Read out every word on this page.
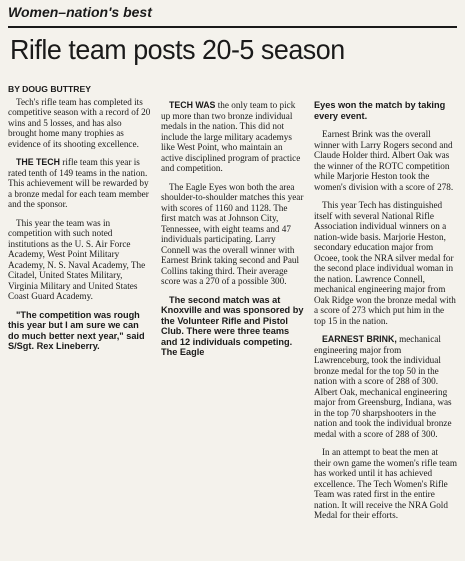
Women–nation's best
Rifle team posts 20-5 season
BY DOUG BUTTREY

Tech's rifle team has completed its competitive season with a record of 20 wins and 5 losses, and has also brought home many trophies as evidence of its shooting excellence.

THE TECH rifle team this year is rated tenth of 149 teams in the nation. This achievement will be rewarded by a bronze medal for each team member and the sponsor.

This year the team was in competition with such noted institutions as the U. S. Air Force Academy, West Point Military Academy, N. S. Naval Academy, The Citadel, United States Military, Virginia Military and United States Coast Guard Academy.

"The competition was rough this year but I am sure we can do much better next year," said S/Sgt. Rex Lineberry.

TECH WAS the only team to pick up more than two bronze individual medals in the nation. This did not include the large military academys like West Point, who maintain an active disciplined program of practice and competition.

The Eagle Eyes won both the area shoulder-to-shoulder matches this year with scores of 1160 and 1128. The first match was at Johnson City, Tennessee, with eight teams and 47 individuals participating. Larry Connell was the overall winner with Earnest Brink taking second and Paul Collins taking third. Their average score was a 270 of a possible 300.

The second match was at Knoxville and was sponsored by the Volunteer Rifle and Pistol Club. There were three teams and 12 individuals competing. The Eagle

Eyes won the match by taking every event.

Earnest Brink was the overall winner with Larry Rogers second and Claude Holder third. Albert Oak was the winner of the ROTC competition while Marjorie Heston took the women's division with a score of 278.

This year Tech has distinguished itself with several National Rifle Association individual winners on a nation-wide basis. Marjorie Heston, secondary education major from Ocoee, took the NRA silver medal for the second place individual woman in the nation. Lawrence Connell, mechanical engineering major from Oak Ridge won the bronze medal with a score of 273 which put him in the top 15 in the nation.

EARNEST BRINK, mechanical engineering major from Lawrenceburg, took the individual bronze medal for the top 50 in the nation with a score of 288 of 300. Albert Oak, mechanical engineering major from Greensburg, Indiana, was in the top 70 sharpshooters in the nation and took the individual bronze medal with a score of 288 of 300.

In an attempt to beat the men at their own game the women's rifle team has worked until it has achieved excellence. The Tech Women's Rifle Team was rated first in the entire nation. It will receive the NRA Gold Medal for their efforts.
